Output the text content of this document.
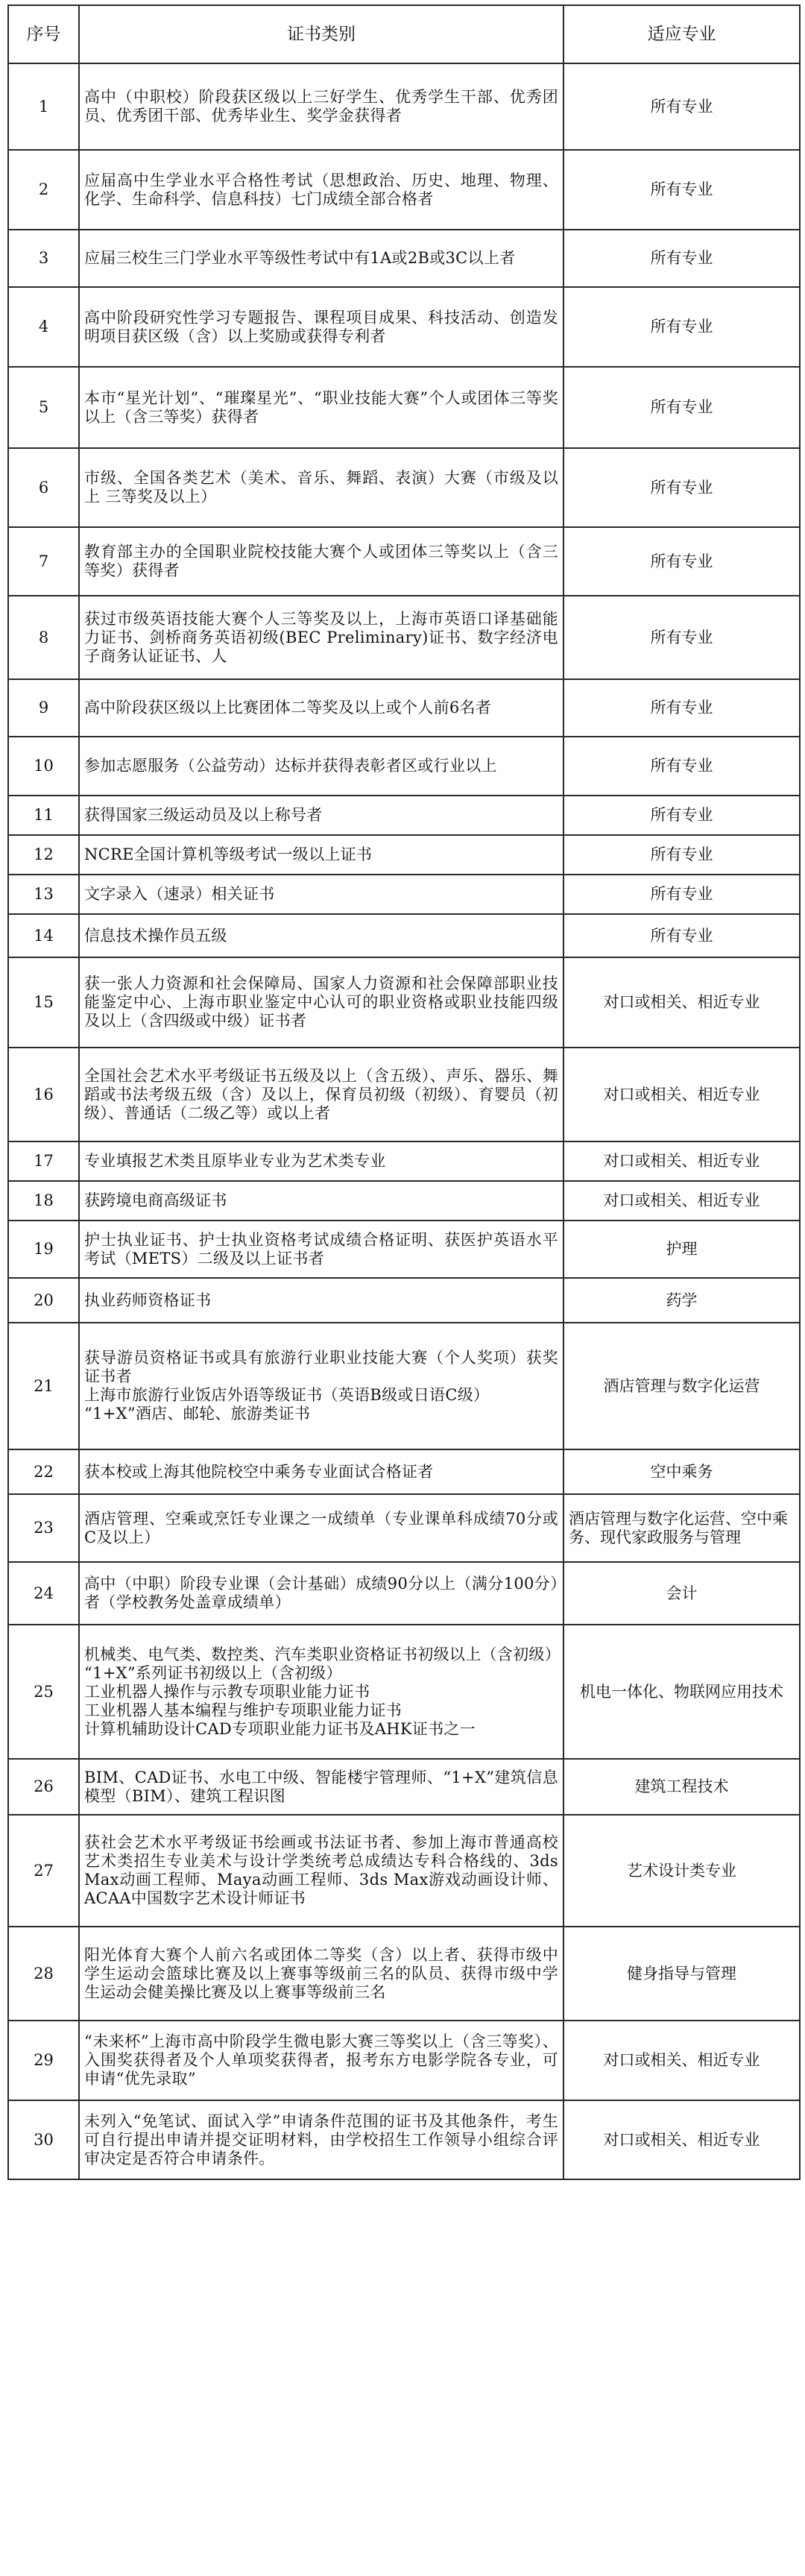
序号	证书类别	适应专业
1	高中（中职校）阶段获区级以上三好学生、优秀学生干部、优秀团员、优秀团干部、优秀毕业生、奖学金获得者	所有专业
2	应届高中生学业水平合格性考试（思想政治、历史、地理、物理、化学、生命科学、信息科技）七门成绩全部合格者	所有专业
3	应届三校生三门学业水平等级性考试中有1A或2B或3C以上者	所有专业
4	高中阶段研究性学习专题报告、课程项目成果、科技活动、创造发明项目获区级（含）以上奖励或获得专利者	所有专业
5	本市“星光计划”、“璀璨星光”、“职业技能大赛”个人或团体三等奖以上（含三等奖）获得者	所有专业
6	市级、全国各类艺术（美术、音乐、舞蹈、表演）大赛（市级及以上 三等奖及以上）	所有专业
7	教育部主办的全国职业院校技能大赛个人或团体三等奖以上（含三等奖）获得者	所有专业
8	获过市级英语技能大赛个人三等奖及以上，上海市英语口译基础能力证书、剑桥商务英语初级(BEC Preliminary)证书、数字经济电子商务认证证书、人	所有专业
9	高中阶段获区级以上比赛团体二等奖及以上或个人前6名者	所有专业
10	参加志愿服务（公益劳动）达标并获得表彰者区或行业以上	所有专业
11	获得国家三级运动员及以上称号者	所有专业
12	NCRE全国计算机等级考试一级以上证书	所有专业
13	文字录入（速录）相关证书	所有专业
14	信息技术操作员五级	所有专业
15	获一张人力资源和社会保障局、国家人力资源和社会保障部职业技能鉴定中心、上海市职业鉴定中心认可的职业资格或职业技能四级及以上（含四级或中级）证书者	对口或相关、相近专业
16	全国社会艺术水平考级证书五级及以上（含五级）、声乐、器乐、舞蹈或书法考级五级（含）及以上，保育员初级（初级）、育婴员（初级）、普通话（二级乙等）或以上者	对口或相关、相近专业
17	专业填报艺术类且原毕业专业为艺术类专业	对口或相关、相近专业
18	获跨境电商高级证书	对口或相关、相近专业
19	护士执业证书、护士执业资格考试成绩合格证明、获医护英语水平考试（METS）二级及以上证书者	护理
20	执业药师资格证书	药学
21	获导游员资格证书或具有旅游行业职业技能大赛（个人奖项）获奖证书者
上海市旅游行业饭店外语等级证书（英语B级或日语C级）
“1+X”酒店、邮轮、旅游类证书	酒店管理与数字化运营
22	获本校或上海其他院校空中乘务专业面试合格证者	空中乘务
23	酒店管理、空乘或烹饪专业课之一成绩单（专业课单科成绩70分或C及以上）	酒店管理与数字化运营、空中乘务、现代家政服务与管理
24	高中（中职）阶段专业课（会计基础）成绩90分以上（满分100分）者（学校教务处盖章成绩单）	会计
25	机械类、电气类、数控类、汽车类职业资格证书初级以上（含初级）
“1+X”系列证书初级以上（含初级）
工业机器人操作与示教专项职业能力证书
工业机器人基本编程与维护专项职业能力证书
计算机辅助设计CAD专项职业能力证书及AHK证书之一	机电一体化、物联网应用技术
26	BIM、CAD证书、水电工中级、智能楼宇管理师、“1+X”建筑信息模型（BIM）、建筑工程识图	建筑工程技术
27	获社会艺术水平考级证书绘画或书法证书者、参加上海市普通高校艺术类招生专业美术与设计学类统考总成绩达专科合格线的、3ds Max动画工程师、Maya动画工程师、3ds Max游戏动画设计师、ACAA中国数字艺术设计师证书	艺术设计类专业
28	阳光体育大赛个人前六名或团体二等奖（含）以上者、获得市级中学生运动会篮球比赛及以上赛事等级前三名的队员、获得市级中学生运动会健美操比赛及以上赛事等级前三名	健身指导与管理
29	“未来杯”上海市高中阶段学生微电影大赛三等奖以上（含三等奖）、入围奖获得者及个人单项奖获得者，报考东方电影学院各专业，可申请“优先录取”	对口或相关、相近专业
30	未列入“免笔试、面试入学”申请条件范围的证书及其他条件，考生可自行提出申请并提交证明材料，由学校招生工作领导小组综合评审决定是否符合申请条件。	对口或相关、相近专业
